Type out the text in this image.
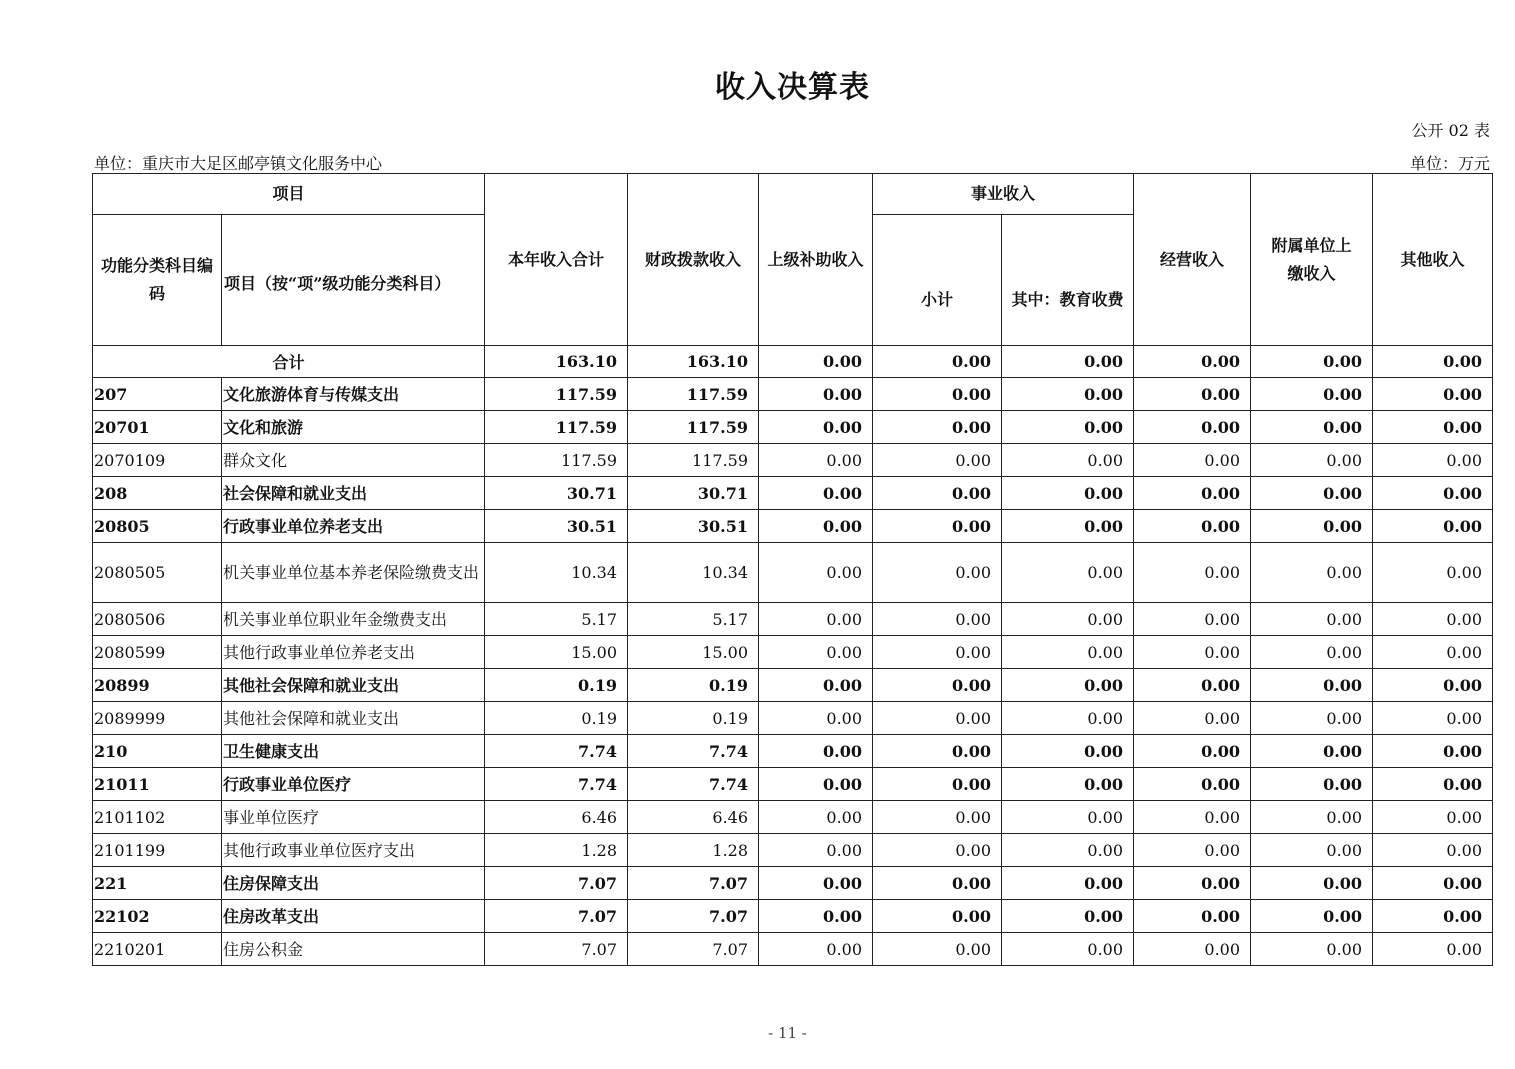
收入决算表
公开 02 表
单位：重庆市大足区邮亭镇文化服务中心	单位：万元
项目		本年收入合计	财政拨款收入	上级补助收入	事业收入		经营收入	附属单位上缴收入	其他收入
功能分类科目编码	项目（按“项”级功能分类科目）				小计	其中：教育收费			
合计		163.10	163.10	0.00	0.00	0.00	0.00	0.00	0.00
207	文化旅游体育与传媒支出	117.59	117.59	0.00	0.00	0.00	0.00	0.00	0.00
20701	文化和旅游	117.59	117.59	0.00	0.00	0.00	0.00	0.00	0.00
2070109	群众文化	117.59	117.59	0.00	0.00	0.00	0.00	0.00	0.00
208	社会保障和就业支出	30.71	30.71	0.00	0.00	0.00	0.00	0.00	0.00
20805	行政事业单位养老支出	30.51	30.51	0.00	0.00	0.00	0.00	0.00	0.00
2080505	机关事业单位基本养老保险缴费支出	10.34	10.34	0.00	0.00	0.00	0.00	0.00	0.00
2080506	机关事业单位职业年金缴费支出	5.17	5.17	0.00	0.00	0.00	0.00	0.00	0.00
2080599	其他行政事业单位养老支出	15.00	15.00	0.00	0.00	0.00	0.00	0.00	0.00
20899	其他社会保障和就业支出	0.19	0.19	0.00	0.00	0.00	0.00	0.00	0.00
2089999	其他社会保障和就业支出	0.19	0.19	0.00	0.00	0.00	0.00	0.00	0.00
210	卫生健康支出	7.74	7.74	0.00	0.00	0.00	0.00	0.00	0.00
21011	行政事业单位医疗	7.74	7.74	0.00	0.00	0.00	0.00	0.00	0.00
2101102	事业单位医疗	6.46	6.46	0.00	0.00	0.00	0.00	0.00	0.00
2101199	其他行政事业单位医疗支出	1.28	1.28	0.00	0.00	0.00	0.00	0.00	0.00
221	住房保障支出	7.07	7.07	0.00	0.00	0.00	0.00	0.00	0.00
22102	住房改革支出	7.07	7.07	0.00	0.00	0.00	0.00	0.00	0.00
2210201	住房公积金	7.07	7.07	0.00	0.00	0.00	0.00	0.00	0.00
- 11 -
